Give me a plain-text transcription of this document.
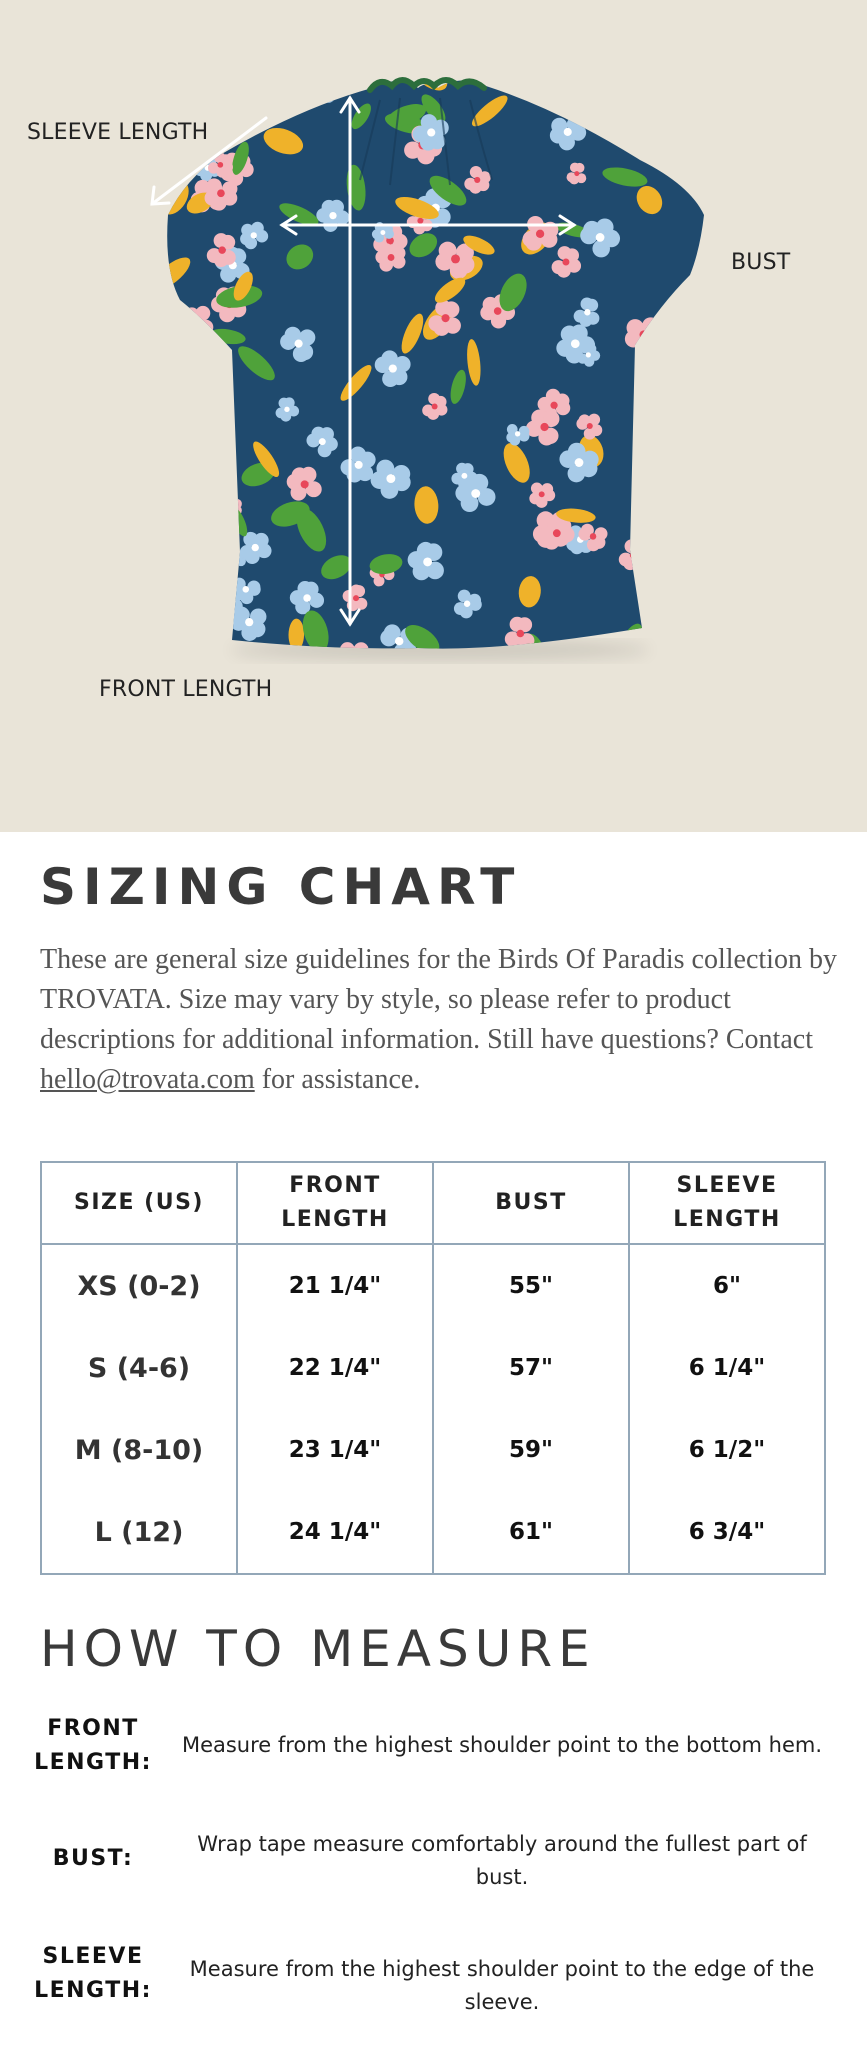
SLEEVE LENGTH
BUST
FRONT LENGTH
SIZING CHART

These are general size guidelines for the Birds Of Paradis collection by TROVATA. Size may vary by style, so please refer to product descriptions for additional information. Still have questions? Contact hello@trovata.com for assistance.

SIZE (US)	FRONT LENGTH	BUST	SLEEVE LENGTH
XS (0-2)	21 1/4"	55"	6"
S (4-6)	22 1/4"	57"	6 1/4"
M (8-10)	23 1/4"	59"	6 1/2"
L (12)	24 1/4"	61"	6 3/4"
HOW TO MEASURE
FRONT
LENGTH:
Measure from the highest shoulder point to the bottom hem.
BUST:
Wrap tape measure comfortably around the fullest part of bust.
SLEEVE
LENGTH:
Measure from the highest shoulder point to the edge of the sleeve.
